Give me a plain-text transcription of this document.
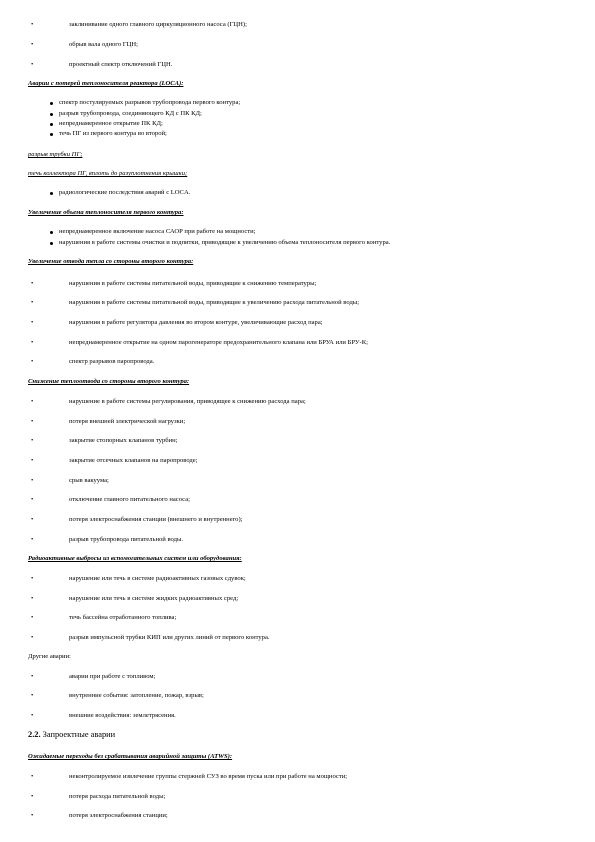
•	заклинивание одного главного циркуляционного насоса (ГЦН);
•	обрыв вала одного ГЦН;
•	проектный спектр отключений ГЦН.
Аварии с потерей теплоносителя реактора (LOCA):
спектр постулируемых разрывов трубопровода первого контура;
разрыв трубопровода, соединяющего КД с ПК КД;
непреднамеренное открытие ПК КД;
течь ПГ из первого контура во второй;
разрыв трубки ПГ;
течь коллектора ПГ, вплоть до разуплотнения крышки;
радиологические последствия аварий с LOCA.
Увеличение объема теплоносителя первого контура:
непреднамеренное включение насоса САОР при работе на мощности;
нарушения в работе системы очистки и подпитки, приводящие к увеличению объема теплоносителя первого контура.
Увеличение отвода тепла со стороны второго контура:
•	нарушения в работе системы питательной воды, приводящие к снижению температуры;
•	нарушения в работе системы питательной воды, приводящие к увеличению расхода питательной воды;
•	нарушения в работе регулятора давления во втором контуре, увеличивающие расход пара;
•	непреднамеренное открытие на одном парогенераторе предохранительного клапана или БРУА или БРУ-К;
•	спектр разрывов паропровода.
Снижение теплоотвода со стороны второго контура:
•	нарушение в работе системы регулирования, приводящее к снижению расхода пара;
•	потеря внешней электрической нагрузки;
•	закрытие стопорных клапанов турбин;
•	закрытие отсечных клапанов на паропроводе;
•	срыв вакуума;
•	отключение главного питательного насоса;
•	потеря электроснабжения станции (внешнего и внутреннего);
•	разрыв трубопровода питательной воды.
Радиоактивные выбросы из вспомогательных систем или оборудования:
•	нарушение или течь в системе радиоактивных газовых сдувок;
•	нарушение или течь в системе жидких радиоактивных сред;
•	течь бассейна отработанного топлива;
•	разрыв импульсной трубки КИП или других линий от первого контура.
Другие аварии:
•	аварии при работе с топливом;
•	внутренние события: затопление, пожар, взрыв;
•	внешние воздействия: землетрясения.
2.2. Запроектные аварии
Ожидаемые переходы без срабатывания аварийной защиты (ATWS):
•	неконтролируемое извлечение группы стержней СУЗ во время пуска или при работе на мощности;
•	потеря расхода питательной воды;
•	потеря электроснабжения станции;
